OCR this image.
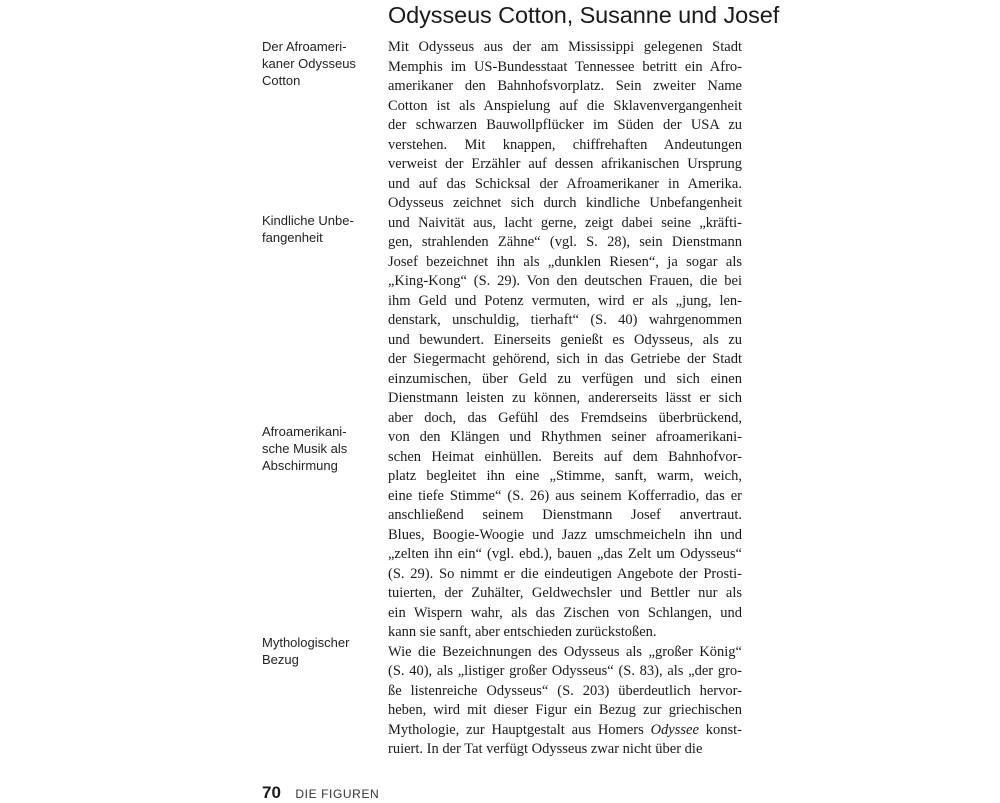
Odysseus Cotton, Susanne und Josef
Der Afroameri-
kaner Odysseus
Cotton
Kindliche Unbe-
fangenheit
Afroamerikani-
sche Musik als
Abschirmung
Mythologischer
Bezug
Mit Odysseus aus der am Mississippi gelegenen Stadt
Memphis im US-Bundesstaat Tennessee betritt ein Afro-
amerikaner den Bahnhofsvorplatz. Sein zweiter Name
Cotton ist als Anspielung auf die Sklavenvergangenheit
der schwarzen Bauwollpflücker im Süden der USA zu
verstehen. Mit knappen, chiffrehaften Andeutungen
verweist der Erzähler auf dessen afrikanischen Ursprung
und auf das Schicksal der Afroamerikaner in Amerika.
Odysseus zeichnet sich durch kindliche Unbefangenheit
und Naivität aus, lacht gerne, zeigt dabei seine „kräfti-
gen, strahlenden Zähne“ (vgl. S. 28), sein Dienstmann
Josef bezeichnet ihn als „dunklen Riesen“, ja sogar als
„King-Kong“ (S. 29). Von den deutschen Frauen, die bei
ihm Geld und Potenz vermuten, wird er als „jung, len-
denstark, unschuldig, tierhaft“ (S. 40) wahrgenommen
und bewundert. Einerseits genießt es Odysseus, als zu
der Siegermacht gehörend, sich in das Getriebe der Stadt
einzumischen, über Geld zu verfügen und sich einen
Dienstmann leisten zu können, andererseits lässt er sich
aber doch, das Gefühl des Fremdseins überbrückend,
von den Klängen und Rhythmen seiner afroamerikani-
schen Heimat einhüllen. Bereits auf dem Bahnhofvor-
platz begleitet ihn eine „Stimme, sanft, warm, weich,
eine tiefe Stimme“ (S. 26) aus seinem Kofferradio, das er
anschließend seinem Dienstmann Josef anvertraut.
Blues, Boogie-Woogie und Jazz umschmeicheln ihn und
„zelten ihn ein“ (vgl. ebd.), bauen „das Zelt um Odysseus“
(S. 29). So nimmt er die eindeutigen Angebote der Prosti-
tuierten, der Zuhälter, Geldwechsler und Bettler nur als
ein Wispern wahr, als das Zischen von Schlangen, und
kann sie sanft, aber entschieden zurückstoßen.
Wie die Bezeichnungen des Odysseus als „großer König“
(S. 40), als „listiger großer Odysseus“ (S. 83), als „der gro-
ße listenreiche Odysseus“ (S. 203) überdeutlich hervor-
heben, wird mit dieser Figur ein Bezug zur griechischen
Mythologie, zur Hauptgestalt aus Homers Odyssee konst-
ruiert. In der Tat verfügt Odysseus zwar nicht über die
70 DIE FIGUREN
